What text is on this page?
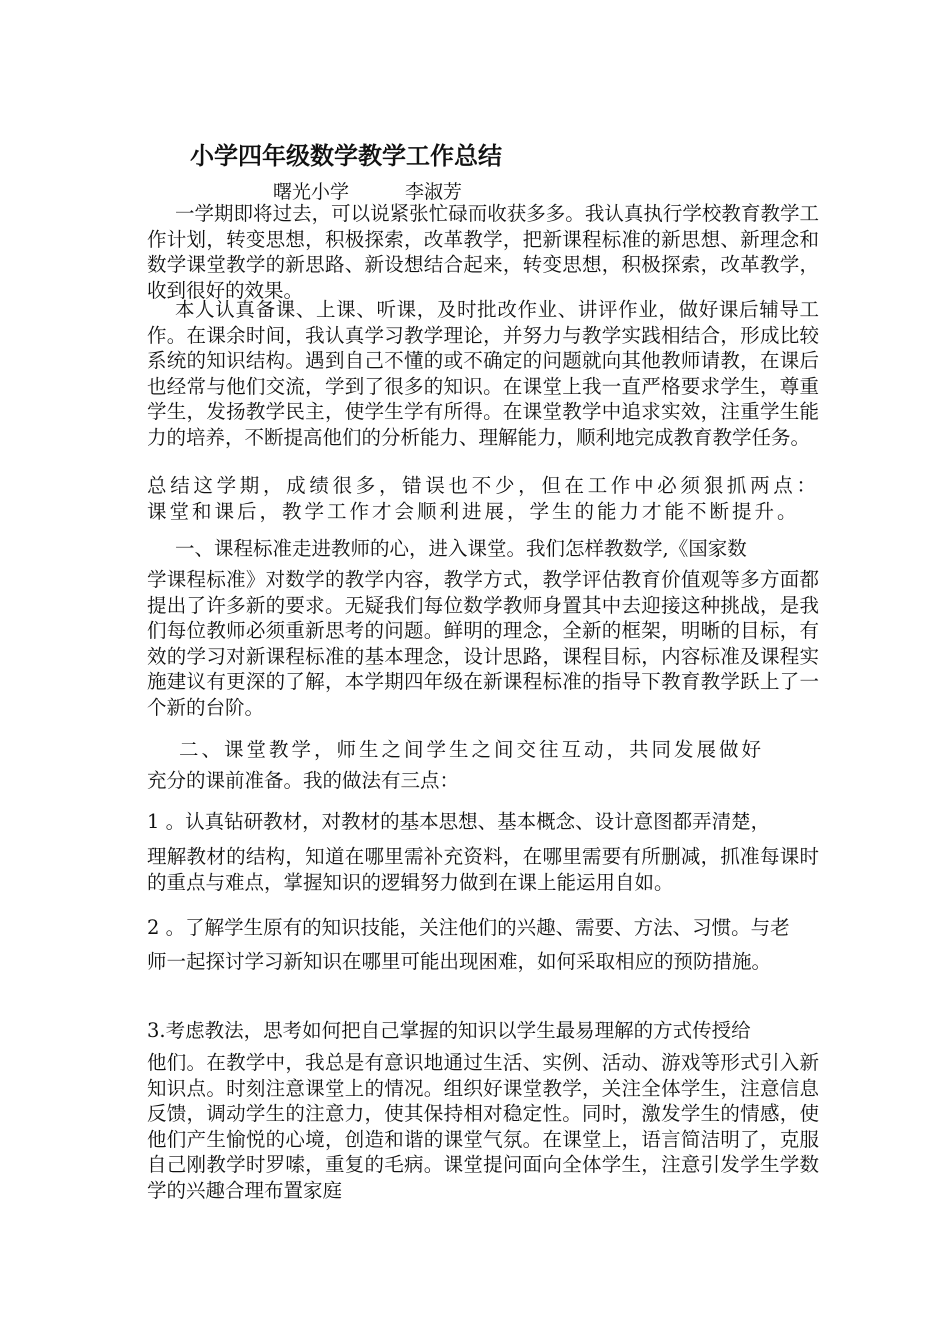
小学四年级数学教学工作总结
曙光小学	李淑芳
一学期即将过去，可以说紧张忙碌而收获多多。我认真执行学校教育教学工作计划，转变思想，积极探索，改革教学，把新课程标准的新思想、新理念和数学课堂教学的新思路、新设想结合起来，转变思想，积极探索，改革教学，收到很好的效果。
本人认真备课、上课、听课，及时批改作业、讲评作业，做好课后辅导工作。在课余时间，我认真学习教学理论，并努力与教学实践相结合，形成比较系统的知识结构。遇到自己不懂的或不确定的问题就向其他教师请教，在课后也经常与他们交流，学到了很多的知识。在课堂上我一直严格要求学生，尊重学生，发扬教学民主，使学生学有所得。在课堂教学中追求实效，注重学生能力的培养，不断提高他们的分析能力、理解能力，顺利地完成教育教学任务。
总结这学期，成绩很多，错误也不少，但在工作中必须狠抓两点：课堂和课后，教学工作才会顺利进展，学生的能力才能不断提升。
一、课程标准走进教师的心，进入课堂。我们怎样教数学,《国家数
学课程标准》对数学的教学内容，教学方式，教学评估教育价值观等多方面都提出了许多新的要求。无疑我们每位数学教师身置其中去迎接这种挑战，是我们每位教师必须重新思考的问题。鲜明的理念，全新的框架，明晰的目标，有效的学习对新课程标准的基本理念，设计思路，课程目标，内容标准及课程实施建议有更深的了解，本学期四年级在新课程标准的指导下教育教学跃上了一个新的台阶。
二、课堂教学，师生之间学生之间交往互动，共同发展做好
充分的课前准备。我的做法有三点：
1 。认真钻研教材，对教材的基本思想、基本概念、设计意图都弄清楚，
理解教材的结构，知道在哪里需补充资料，在哪里需要有所删减，抓准每课时的重点与难点，掌握知识的逻辑努力做到在课上能运用自如。
2 。了解学生原有的知识技能，关注他们的兴趣、需要、方法、习惯。与老
师一起探讨学习新知识在哪里可能出现困难，如何采取相应的预防措施。
3.考虑教法，思考如何把自己掌握的知识以学生最易理解的方式传授给
他们。在教学中，我总是有意识地通过生活、实例、活动、游戏等形式引入新知识点。时刻注意课堂上的情况。组织好课堂教学，关注全体学生，注意信息反馈，调动学生的注意力，使其保持相对稳定性。同时，激发学生的情感，使他们产生愉悦的心境，创造和谐的课堂气氛。在课堂上，语言简洁明了，克服自己刚教学时罗嗦，重复的毛病。课堂提问面向全体学生，注意引发学生学数学的兴趣合理布置家庭
